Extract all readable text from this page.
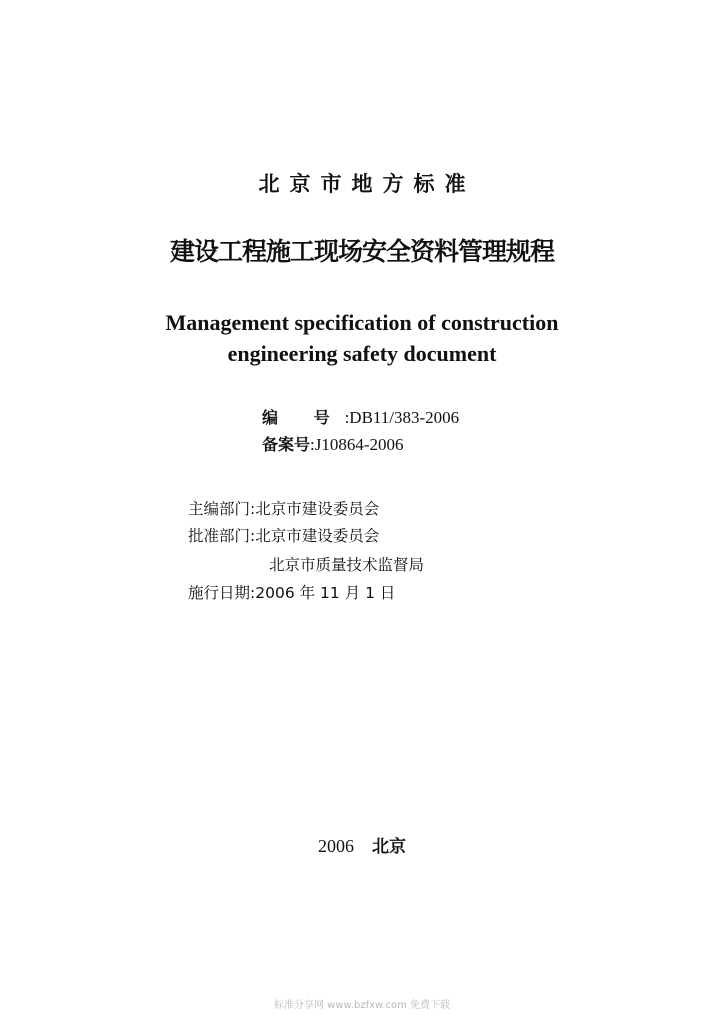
北京市地方标准
建设工程施工现场安全资料管理规程
Management specification of construction
engineering safety document
编 号:DB11/383-2006
备案号:J10864-2006
主编部门:北京市建设委员会
批准部门:北京市建设委员会
北京市质量技术监督局
施行日期:2006 年 11 月 1 日
2006 北京
标准分享网 www.bzfxw.com 免费下载
